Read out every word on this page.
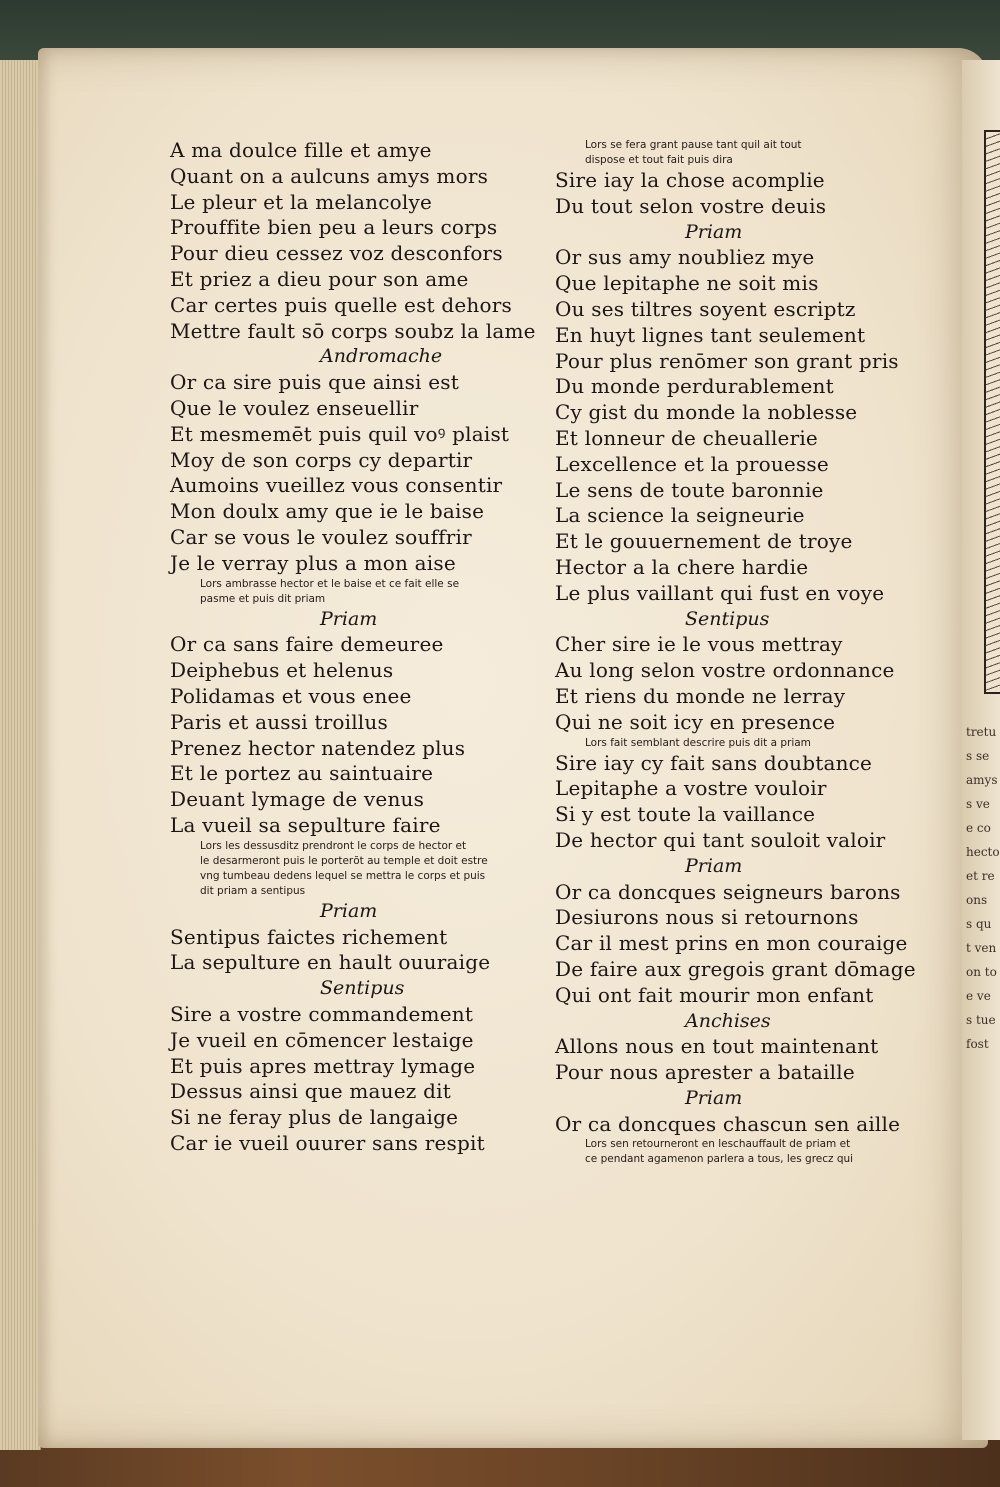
tretu
s se
amys
s ve
e co
hecto
et re
ons
s qu
t ven
on to
e ve
s tue
fost
A ma doulce fille et amye
Quant on a aulcuns amys mors
Le pleur et la melancolye
Prouffite bien peu a leurs corps
Pour dieu cessez voz desconfors
Et priez a dieu pour son ame
Car certes puis quelle est dehors
Mettre fault sō corps soubz la lame
Andromache
Or ca sire puis que ainsi est
Que le voulez enseuellir
Et mesmemēt puis quil voꝰ plaist
Moy de son corps cy departir
Aumoins vueillez vous consentir
Mon doulx amy que ie le baise
Car se vous le voulez souffrir
Je le verray plus a mon aise
Lors ambrasse hector et le baise et ce fait elle se
pasme et puis dit priam
Priam
Or ca sans faire demeuree
Deiphebus et helenus
Polidamas et vous enee
Paris et aussi troillus
Prenez hector natendez plus
Et le portez au saintuaire
Deuant lymage de venus
La vueil sa sepulture faire
Lors les dessusditz prendront le corps de hector et
le desarmeront puis le porterōt au temple et doit estre
vng tumbeau dedens lequel se mettra le corps et puis
dit priam a sentipus
Priam
Sentipus faictes richement
La sepulture en hault ouuraige
Sentipus
Sire a vostre commandement
Je vueil en cōmencer lestaige
Et puis apres mettray lymage
Dessus ainsi que mauez dit
Si ne feray plus de langaige
Car ie vueil ouurer sans respit
Lors se fera grant pause tant quil ait tout
dispose et tout fait puis dira
Sire iay la chose acomplie
Du tout selon vostre deuis
Priam
Or sus amy noubliez mye
Que lepitaphe ne soit mis
Ou ses tiltres soyent escriptz
En huyt lignes tant seulement
Pour plus renōmer son grant pris
Du monde perdurablement
Cy gist du monde la noblesse
Et lonneur de cheuallerie
Lexcellence et la prouesse
Le sens de toute baronnie
La science la seigneurie
Et le gouuernement de troye
Hector a la chere hardie
Le plus vaillant qui fust en voye
Sentipus
Cher sire ie le vous mettray
Au long selon vostre ordonnance
Et riens du monde ne lerray
Qui ne soit icy en presence
Lors fait semblant descrire puis dit a priam
Sire iay cy fait sans doubtance
Lepitaphe a vostre vouloir
Si y est toute la vaillance
De hector qui tant souloit valoir
Priam
Or ca doncques seigneurs barons
Desiurons nous si retournons
Car il mest prins en mon couraige
De faire aux gregois grant dōmage
Qui ont fait mourir mon enfant
Anchises
Allons nous en tout maintenant
Pour nous aprester a bataille
Priam
Or ca doncques chascun sen aille
Lors sen retourneront en leschauffault de priam et
ce pendant agamenon parlera a tous, les grecz qui
